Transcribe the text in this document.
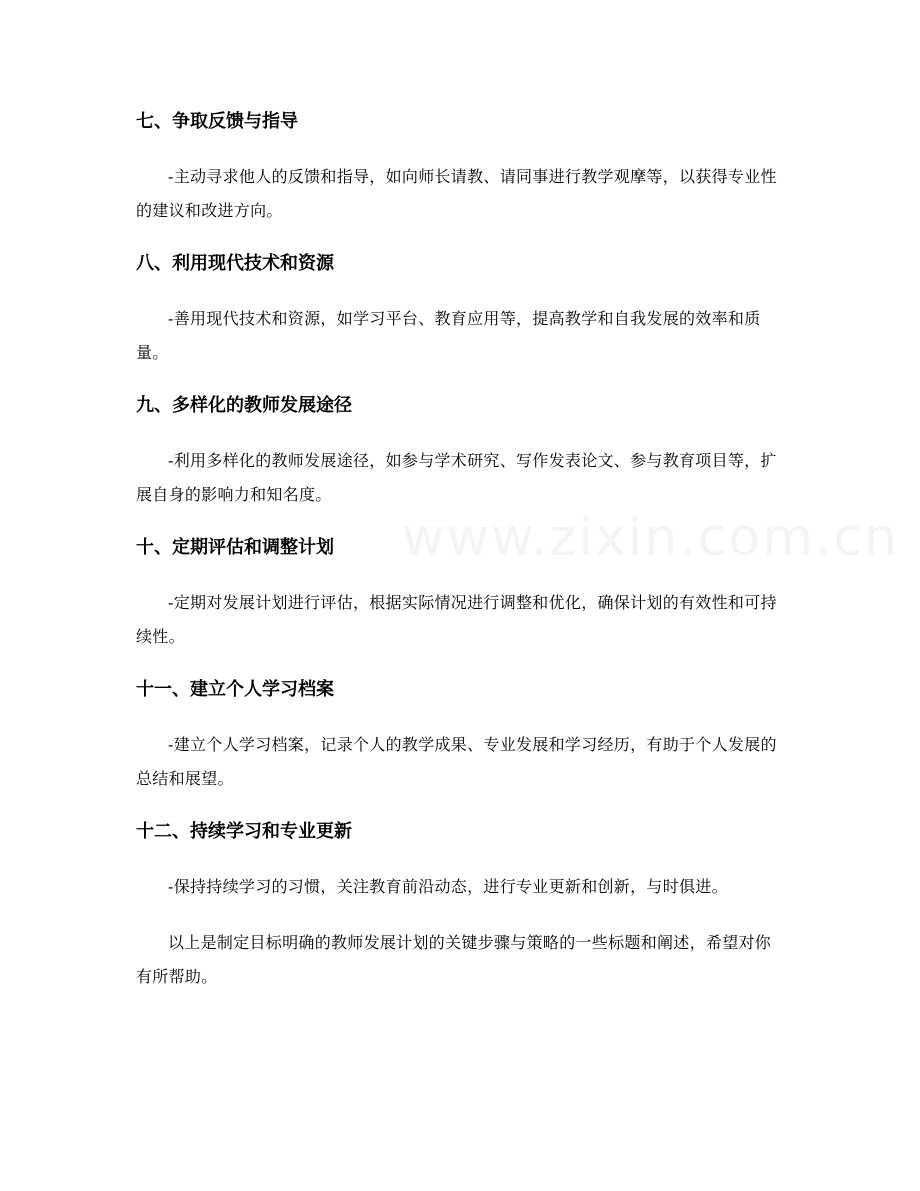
七、争取反馈与指导

-主动寻求他人的反馈和指导，如向师长请教、请同事进行教学观摩等，以获得专业性的建议和改进方向。

八、利用现代技术和资源

-善用现代技术和资源，如学习平台、教育应用等，提高教学和自我发展的效率和质量。

九、多样化的教师发展途径

-利用多样化的教师发展途径，如参与学术研究、写作发表论文、参与教育项目等，扩展自身的影响力和知名度。

十、定期评估和调整计划

-定期对发展计划进行评估，根据实际情况进行调整和优化，确保计划的有效性和可持续性。

十一、建立个人学习档案

-建立个人学习档案，记录个人的教学成果、专业发展和学习经历，有助于个人发展的总结和展望。

十二、持续学习和专业更新

-保持持续学习的习惯，关注教育前沿动态，进行专业更新和创新，与时俱进。

以上是制定目标明确的教师发展计划的关键步骤与策略的一些标题和阐述，希望对你有所帮助。
